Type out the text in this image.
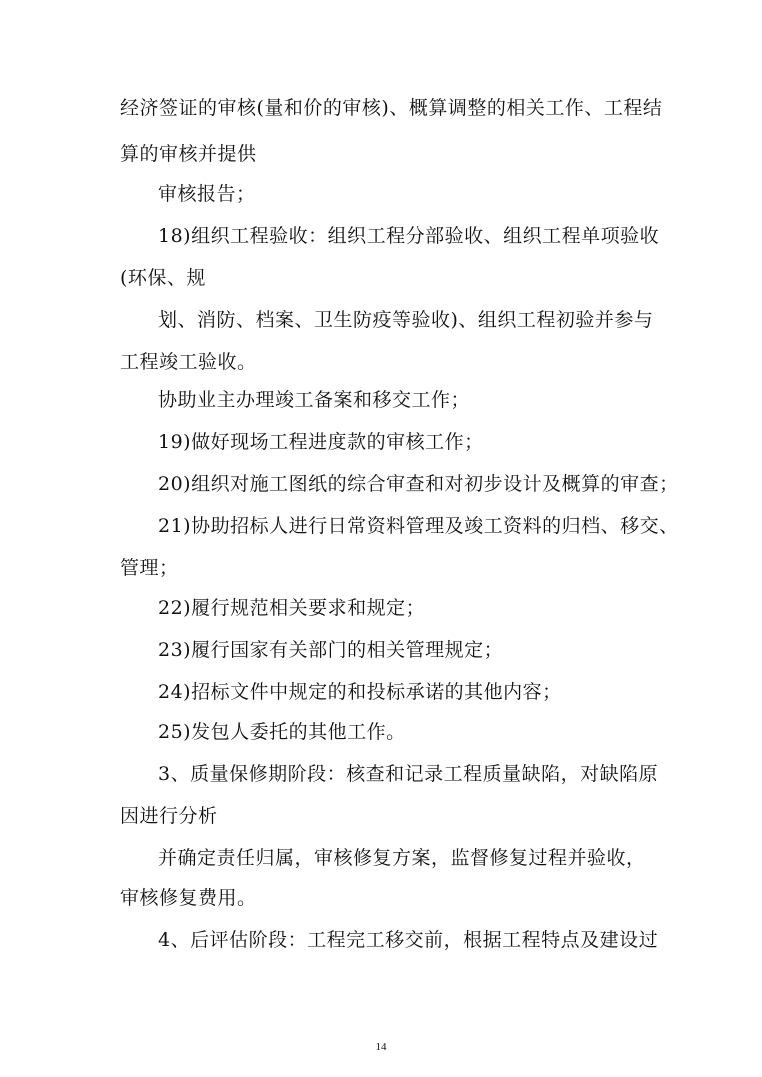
经济签证的审核(量和价的审核)、概算调整的相关工作、工程结
算的审核并提供
审核报告；
18)组织工程验收：组织工程分部验收、组织工程单项验收
(环保、规
划、消防、档案、卫生防疫等验收)、组织工程初验并参与
工程竣工验收。
协助业主办理竣工备案和移交工作；
19)做好现场工程进度款的审核工作；
20)组织对施工图纸的综合审查和对初步设计及概算的审查；
21)协助招标人进行日常资料管理及竣工资料的归档、移交、
管理；
22)履行规范相关要求和规定；
23)履行国家有关部门的相关管理规定；
24)招标文件中规定的和投标承诺的其他内容；
25)发包人委托的其他工作。
3、质量保修期阶段：核查和记录工程质量缺陷，对缺陷原
因进行分析
并确定责任归属，审核修复方案，监督修复过程并验收，
审核修复费用。
4、后评估阶段：工程完工移交前，根据工程特点及建设过
14
